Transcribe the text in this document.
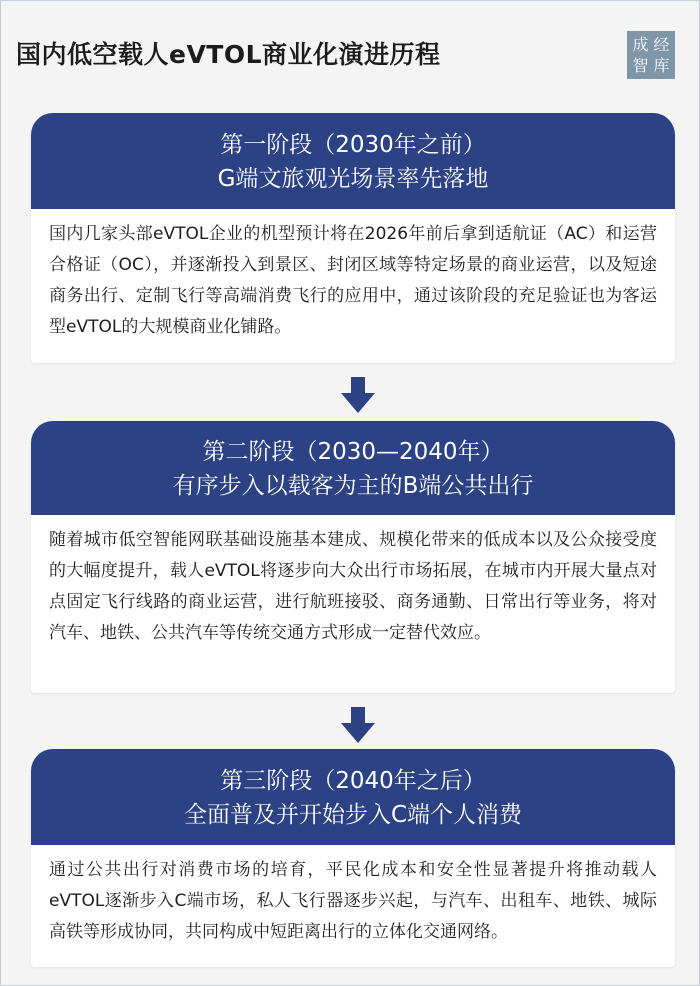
国内低空载人eVTOL商业化演进历程	成 经
智 库
第一阶段（2030年之前）
G端文旅观光场景率先落地
国内几家头部eVTOL企业的机型预计将在2026年前后拿到适航证（AC）和运营合格证（OC），并逐渐投入到景区、封闭区域等特定场景的商业运营，以及短途商务出行、定制飞行等高端消费飞行的应用中，通过该阶段的充足验证也为客运型eVTOL的大规模商业化铺路。
第二阶段（2030—2040年）
有序步入以载客为主的B端公共出行
随着城市低空智能网联基础设施基本建成、规模化带来的低成本以及公众接受度的大幅度提升，载人eVTOL将逐步向大众出行市场拓展，在城市内开展大量点对点固定飞行线路的商业运营，进行航班接驳、商务通勤、日常出行等业务，将对汽车、地铁、公共汽车等传统交通方式形成一定替代效应。
第三阶段（2040年之后）
全面普及并开始步入C端个人消费
通过公共出行对消费市场的培育，平民化成本和安全性显著提升将推动载人eVTOL逐渐步入C端市场，私人飞行器逐步兴起，与汽车、出租车、地铁、城际高铁等形成协同，共同构成中短距离出行的立体化交通网络。
